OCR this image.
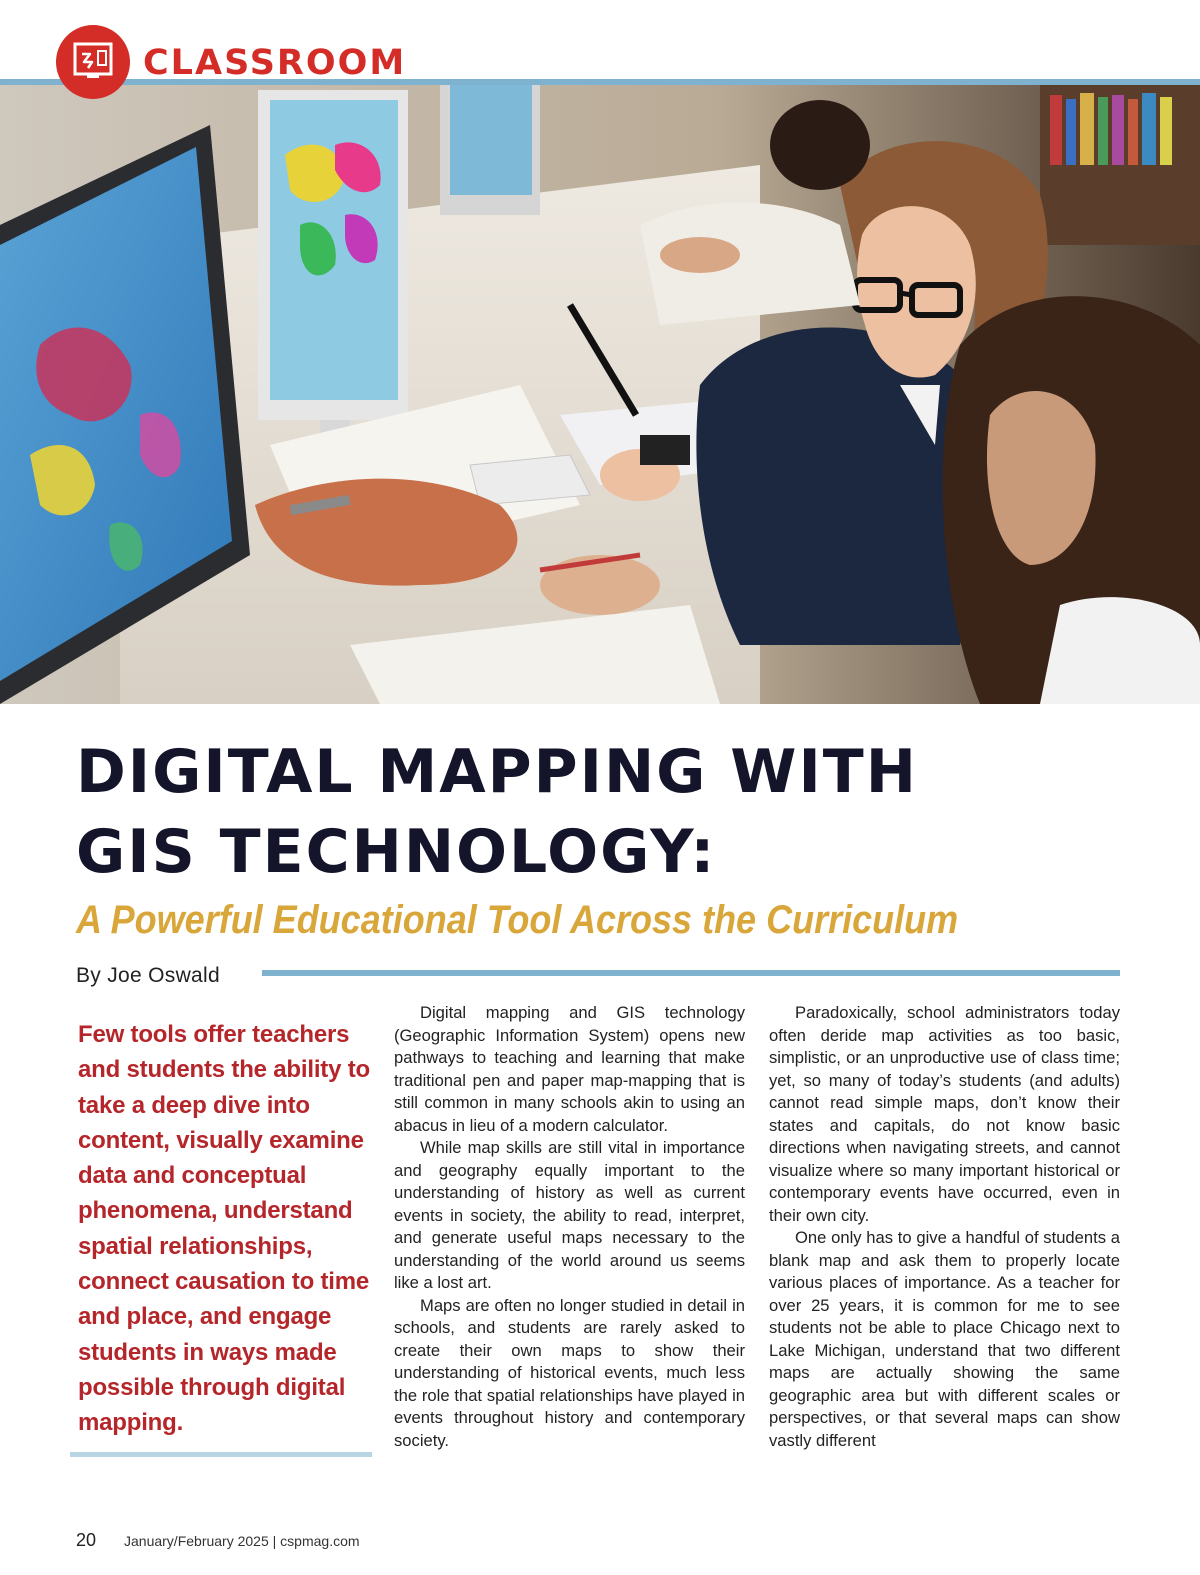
CLASSROOM
DIGITAL MAPPING WITH
GIS TECHNOLOGY:
A Powerful Educational Tool Across the Curriculum
By Joe Oswald

Few tools offer teachers and students the ability to take a deep dive into content, visually examine data and conceptual phenomena, understand spatial relationships, connect causation to time and place, and engage students in ways made possible through digital mapping.

Digital mapping and GIS technology (Geographic Information System) opens new pathways to teaching and learning that make traditional pen and paper map-mapping that is still common in many schools akin to using an abacus in lieu of a modern calculator.

While map skills are still vital in importance and geography equally important to the understanding of history as well as current events in society, the ability to read, interpret, and generate useful maps necessary to the understanding of the world around us seems like a lost art.

Maps are often no longer studied in detail in schools, and students are rarely asked to create their own maps to show their understanding of historical events, much less the role that spatial relationships have played in events throughout history and contemporary society.

Paradoxically, school administrators today often deride map activities as too basic, simplistic, or an unproductive use of class time; yet, so many of today’s students (and adults) cannot read simple maps, don’t know their states and capitals, do not know basic directions when navigating streets, and cannot visualize where so many important historical or contemporary events have occurred, even in their own city.

One only has to give a handful of students a blank map and ask them to properly locate various places of importance. As a teacher for over 25 years, it is common for me to see students not be able to place Chicago next to Lake Michigan, understand that two different maps are actually showing the same geographic area but with different scales or perspectives, or that several maps can show vastly different

20 January/February 2025 | cspmag.com
